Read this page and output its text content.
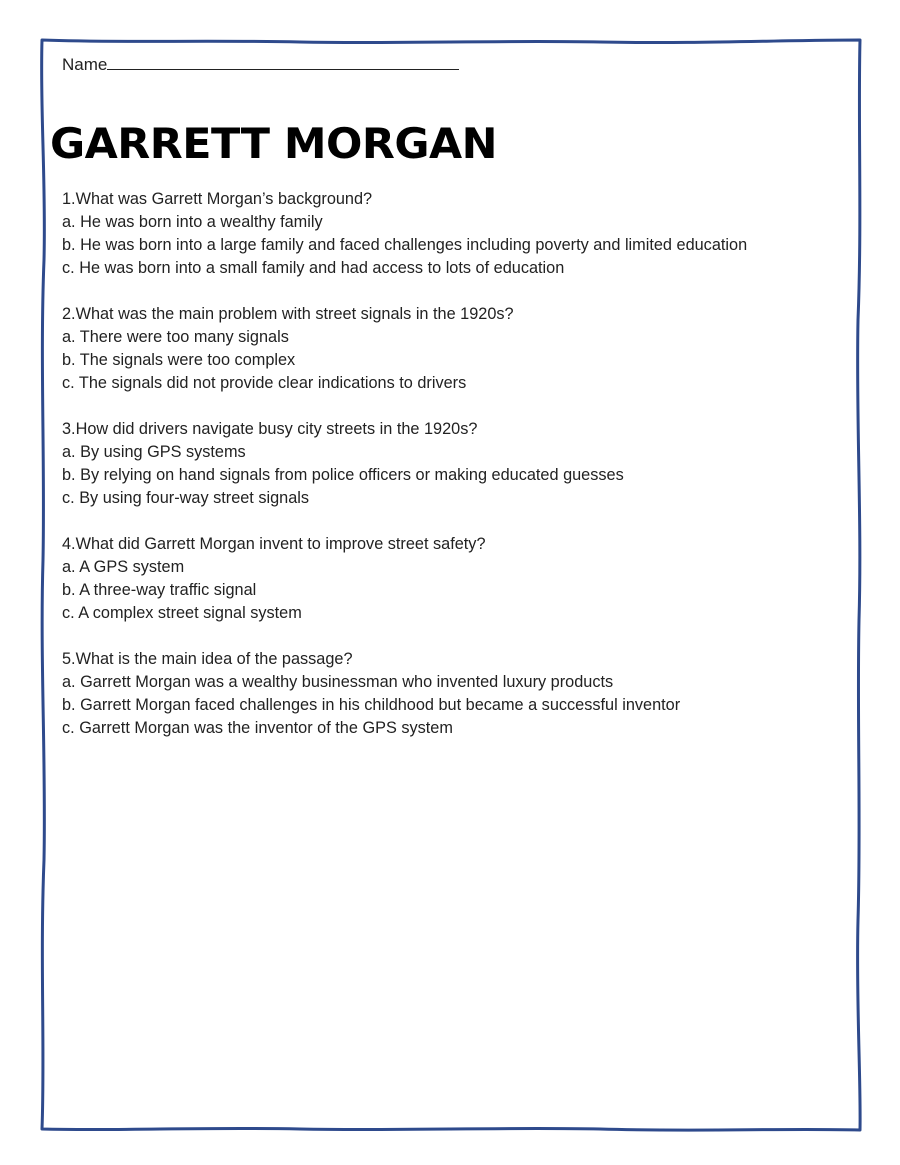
Name

GARRETT MORGAN

1.What was Garrett Morgan’s background?

a. He was born into a wealthy family

b. He was born into a large family and faced challenges including poverty and limited education

c. He was born into a small family and had access to lots of education

2.What was the main problem with street signals in the 1920s?

a. There were too many signals

b. The signals were too complex

c. The signals did not provide clear indications to drivers

3.How did drivers navigate busy city streets in the 1920s?

a. By using GPS systems

b. By relying on hand signals from police officers or making educated guesses

c. By using four-way street signals

4.What did Garrett Morgan invent to improve street safety?

a. A GPS system

b. A three-way traffic signal

c. A complex street signal system

5.What is the main idea of the passage?

a. Garrett Morgan was a wealthy businessman who invented luxury products

b. Garrett Morgan faced challenges in his childhood but became a successful inventor

c. Garrett Morgan was the inventor of the GPS system
